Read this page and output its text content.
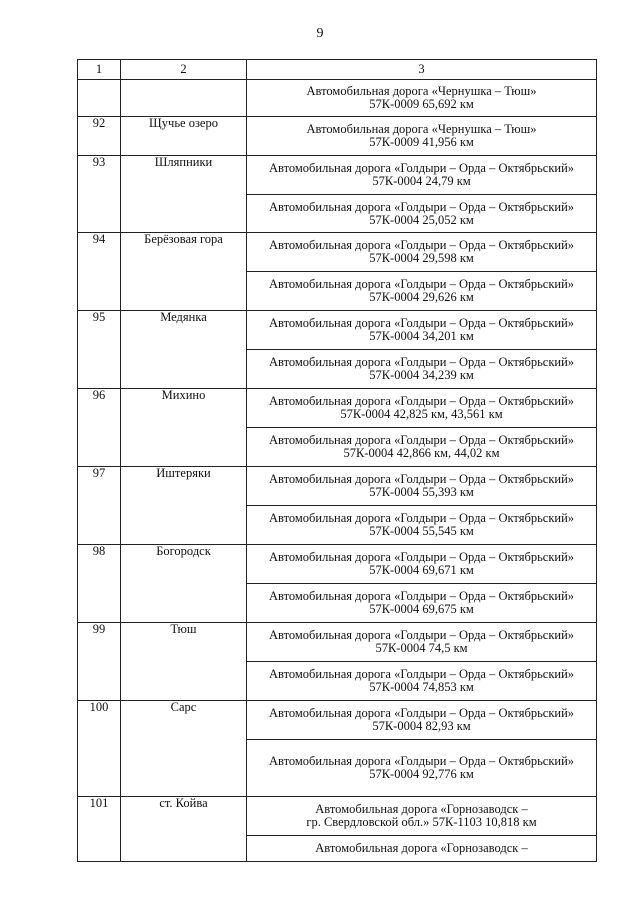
9
1	2	3

		Автомобильная дорога «Чернушка – Тюш»
57К-0009 65,692 км

92	Щучье озеро	Автомобильная дорога «Чернушка – Тюш»
57К-0009 41,956 км

93	Шляпники	Автомобильная дорога «Голдыри – Орда – Октябрьский»
57К-0004 24,79 км

		Автомобильная дорога «Голдыри – Орда – Октябрьский»
57К-0004 25,052 км

94	Берёзовая гора	Автомобильная дорога «Голдыри – Орда – Октябрьский»
57К-0004 29,598 км

		Автомобильная дорога «Голдыри – Орда – Октябрьский»
57К-0004 29,626 км

95	Медянка	Автомобильная дорога «Голдыри – Орда – Октябрьский»
57К-0004 34,201 км

		Автомобильная дорога «Голдыри – Орда – Октябрьский»
57К-0004 34,239 км

96	Михино	Автомобильная дорога «Голдыри – Орда – Октябрьский»
57К-0004 42,825 км, 43,561 км

		Автомобильная дорога «Голдыри – Орда – Октябрьский»
57К-0004 42,866 км, 44,02 км

97	Иштеряки	Автомобильная дорога «Голдыри – Орда – Октябрьский»
57К-0004 55,393 км

		Автомобильная дорога «Голдыри – Орда – Октябрьский»
57К-0004 55,545 км

98	Богородск	Автомобильная дорога «Голдыри – Орда – Октябрьский»
57К-0004 69,671 км

		Автомобильная дорога «Голдыри – Орда – Октябрьский»
57К-0004 69,675 км

99	Тюш	Автомобильная дорога «Голдыри – Орда – Октябрьский»
57К-0004 74,5 км

		Автомобильная дорога «Голдыри – Орда – Октябрьский»
57К-0004 74,853 км

100	Сарс	Автомобильная дорога «Голдыри – Орда – Октябрьский»
57К-0004 82,93 км

		Автомобильная дорога «Голдыри – Орда – Октябрьский»
57К-0004 92,776 км

101	ст. Койва	Автомобильная дорога «Горнозаводск –
гр. Свердловской обл.» 57К-1103 10,818 км

		Автомобильная дорога «Горнозаводск –
